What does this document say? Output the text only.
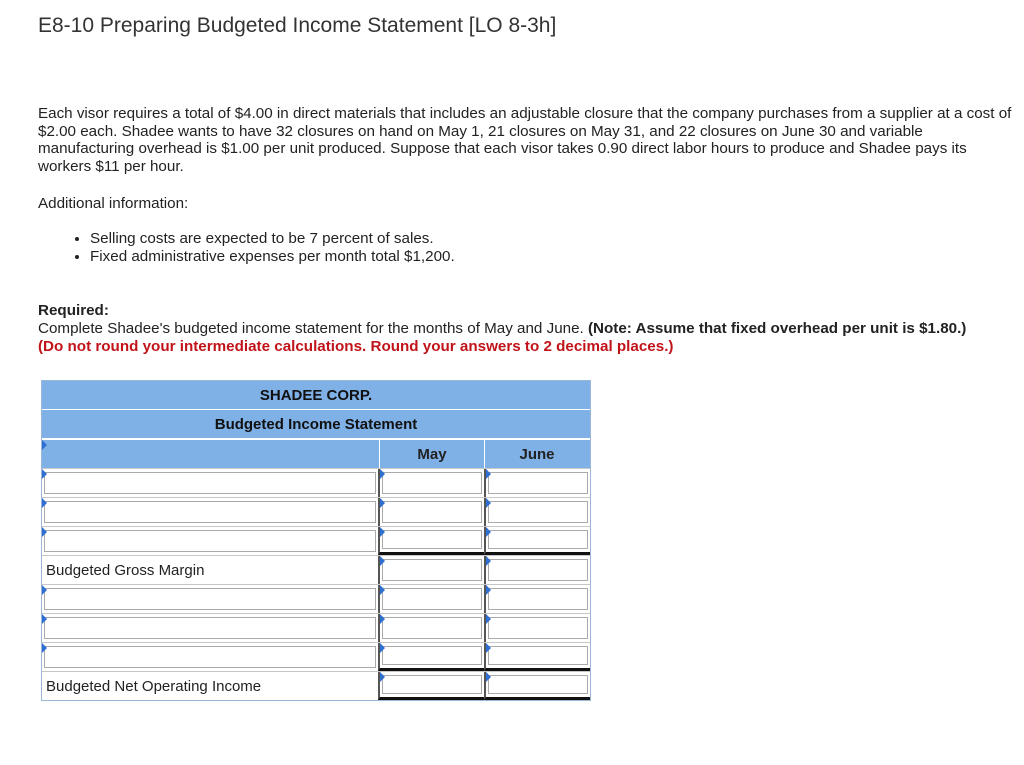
E8-10 Preparing Budgeted Income Statement [LO 8-3h]
Each visor requires a total of $4.00 in direct materials that includes an adjustable closure that the company purchases from a supplier at a cost of $2.00 each. Shadee wants to have 32 closures on hand on May 1, 21 closures on May 31, and 22 closures on June 30 and variable manufacturing overhead is $1.00 per unit produced. Suppose that each visor takes 0.90 direct labor hours to produce and Shadee pays its workers $11 per hour.
Additional information:
• Selling costs are expected to be 7 percent of sales.
• Fixed administrative expenses per month total $1,200.
Required:
Complete Shadee's budgeted income statement for the months of May and June. (Note: Assume that fixed overhead per unit is $1.80.)
(Do not round your intermediate calculations. Round your answers to 2 decimal places.)
SHADEE CORP.
Budgeted Income Statement
May	June
Budgeted Gross Margin
Budgeted Net Operating Income
